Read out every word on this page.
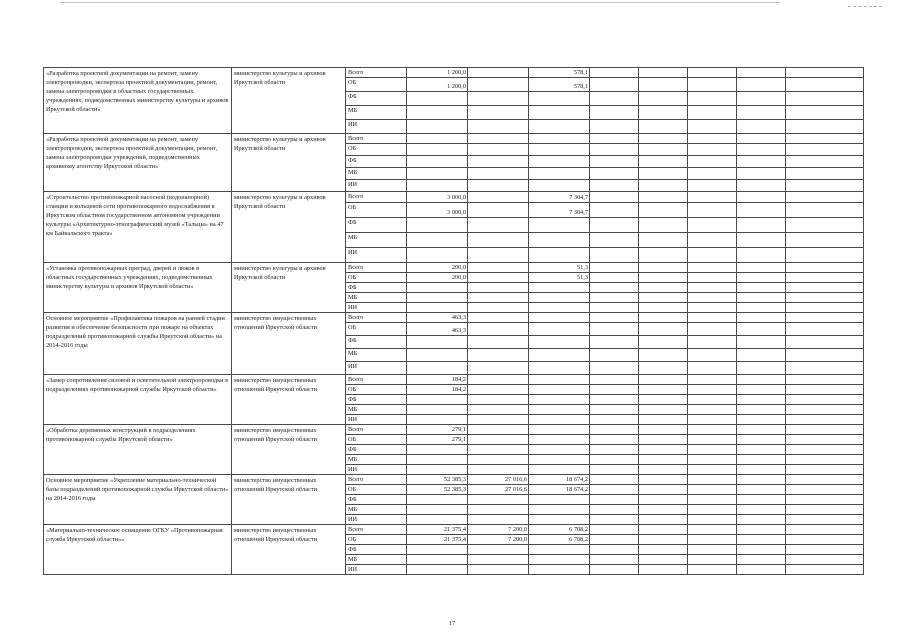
«Разработка проектной документации на ремонт, замену электропроводки, экспертиза проектной документации, ремонт, замена электропроводки в областных государственных учреждениях, подведомственных министерству культуры и архивов Иркутской области»	министерство культуры и архивов Иркутской области	Всего	1 200,0		578,1					
		ОБ	1 200,0		578,1					
		ФБ								
		МБ								
		ИИ								
«Разработка проектной документации на ремонт, замену электропроводки, экспертиза проектной документации, ремонт, замена электропроводки учреждений, подведомственных архивному агентству Иркутской области»	министерство культуры и архивов Иркутской области	Всего								
		ОБ								
		ФБ								
		МБ								
		ИИ								
«Строительство противопожарной насосной (водонапорной) станции и кольцевой сети противопожарного водоснабжения в Иркутском областном государственном автономном учреждении культуры «Архитектурно-этнографический музей «Тальцы» на 47 км Байкальского тракта»	министерство культуры и архивов Иркутской области	Всего	3 000,0		7 304,7					
		ОБ	3 000,0		7 304,7					
		ФБ								
		МБ								
		ИИ								
«Установка противопожарных преград, дверей и люков в областных государственных учреждениях, подведомственных министерству культуры и архивов Иркутской области»	министерство культуры и архивов Иркутской области	Всего	200,0		51,3					
		ОБ	200,0		51,3					
		ФБ								
		МБ								
		ИИ								
Основное мероприятие «Профилактика пожаров на ранней стадии развития и обеспечение безопасности при пожаре на объектах подразделений противопожарной службы Иркутской области» на 2014-2016 годы	министерство имущественных отношений Иркутской области	Всего	463,3							
		ОБ	463,3							
		ФБ								
		МБ								
		ИИ								
«Замер сопротивления силовой и осветительной электропроводки в подразделениях противопожарной службы Иркутской области»	министерство имущественных отношений Иркутской области	Всего	184,2							
		ОБ	184,2							
		ФБ								
		МБ								
		ИИ								
«Обработка деревянных конструкций в подразделениях противопожарной службы Иркутской области»	министерство имущественных отношений Иркутской области	Всего	279,1							
		ОБ	279,1							
		ФБ								
		МБ								
		ИИ								
Основное мероприятие «Укрепление материально-технической базы подразделений противопожарной службы Иркутской области» на 2014-2016 годы	министерство имущественных отношений Иркутской области	Всего	52 385,3	27 016,6	18 674,2					
		ОБ	52 385,3	27 016,6	18 674,2					
		ФБ								
		МБ								
		ИИ								
«Материально-техническое оснащение ОГКУ «Противопожарная служба Иркутской области»»	министерство имущественных отношений Иркутской области	Всего	21 375,4	7 200,0	6 708,2					
		ОБ	21 375,4	7 200,0	6 708,2					
		ФБ								
		МБ								
		ИИ								
17
